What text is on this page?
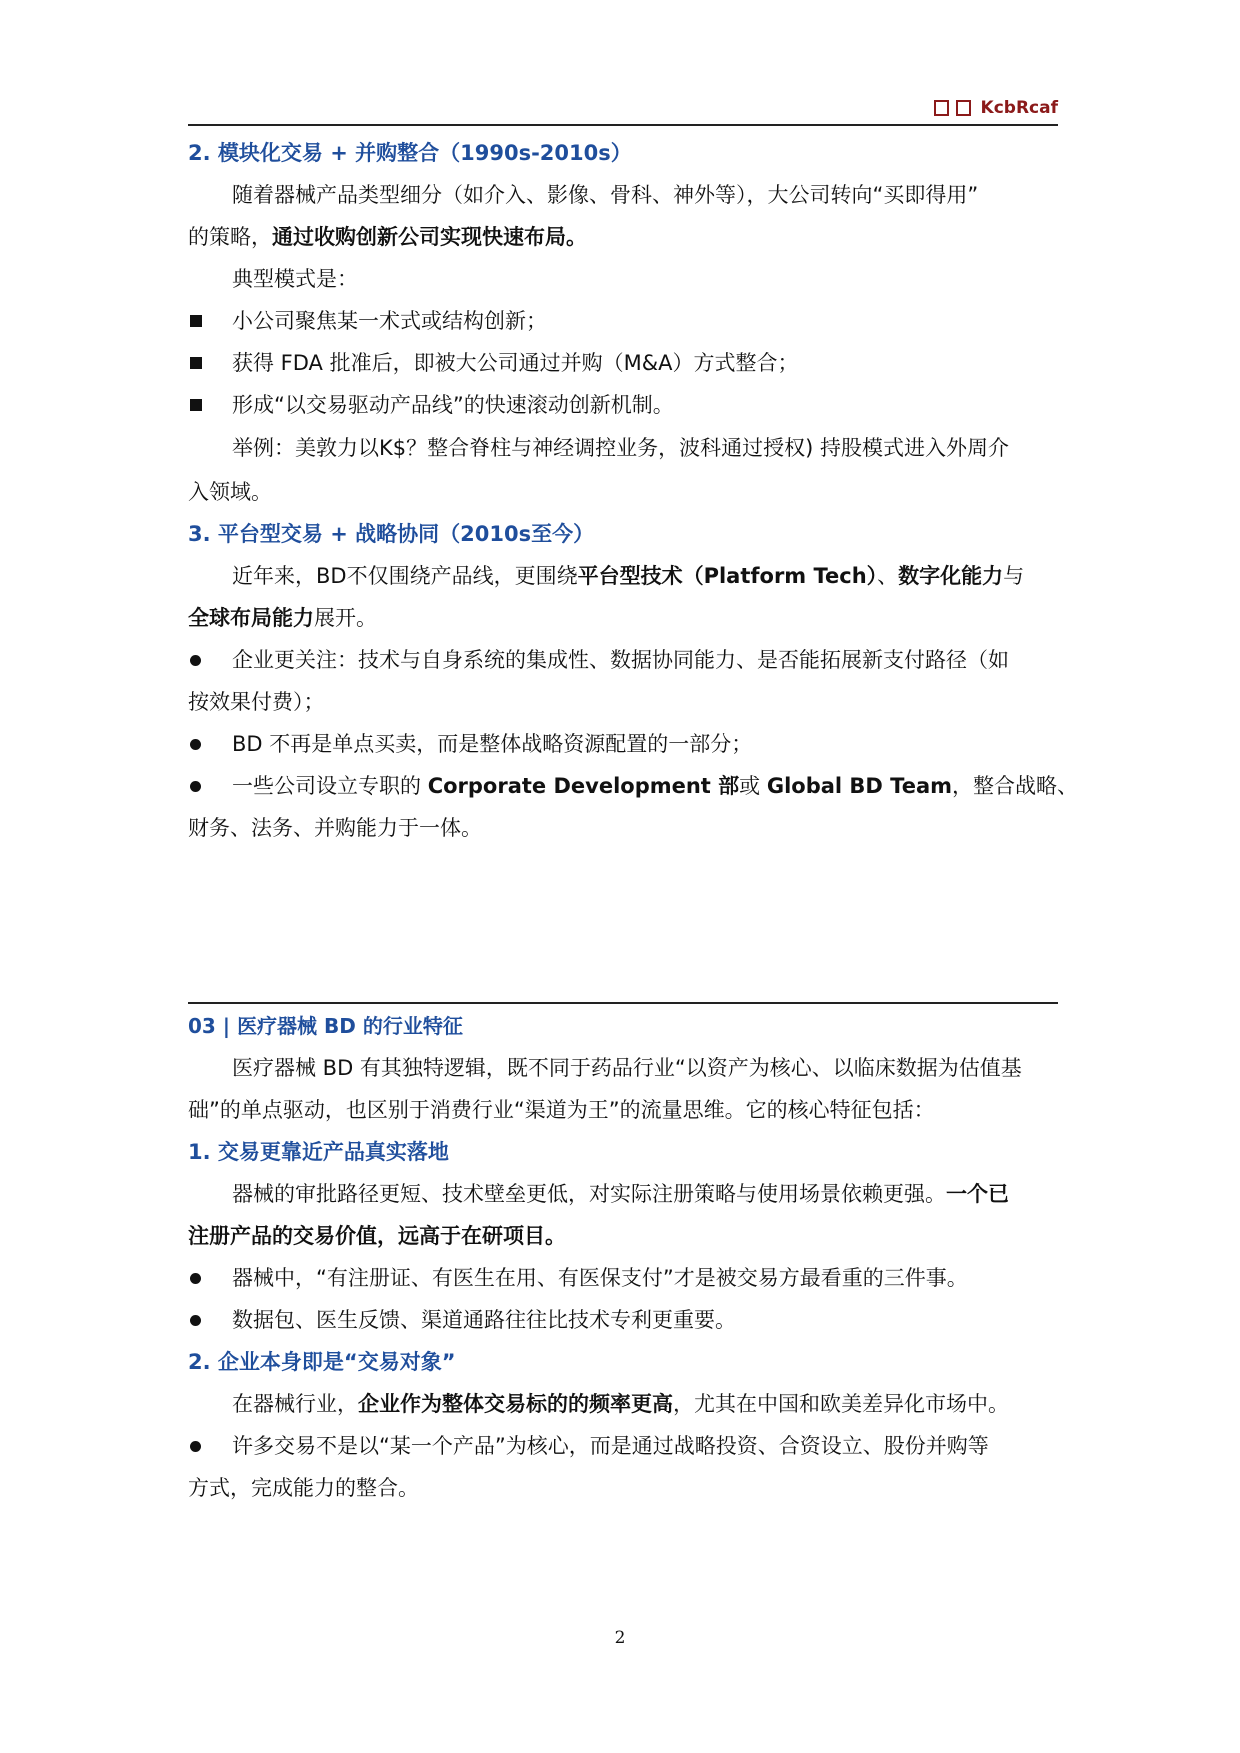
KcbRcaf
2. 模块化交易 + 并购整合（1990s-2010s）
随着器械产品类型细分（如介入、影像、骨科、神外等），大公司转向“买即得用”
的策略，通过收购创新公司实现快速布局。
典型模式是：
小公司聚焦某一术式或结构创新；
获得 FDA 批准后，即被大公司通过并购（M&A）方式整合；
形成“以交易驱动产品线”的快速滚动创新机制。
举例：美敦力以K$？整合脊柱与神经调控业务，波科通过授权) 持股模式进入外周介
入领域。
3. 平台型交易 + 战略协同（2010s至今）
近年来，BD不仅围绕产品线，更围绕平台型技术（Platform Tech）、数字化能力与
全球布局能力展开。
企业更关注：技术与自身系统的集成性、数据协同能力、是否能拓展新支付路径（如
按效果付费）；
BD 不再是单点买卖，而是整体战略资源配置的一部分；
一些公司设立专职的 Corporate Development 部或 Global BD Team，整合战略、
财务、法务、并购能力于一体。
03 | 医疗器械 BD 的行业特征
医疗器械 BD 有其独特逻辑，既不同于药品行业“以资产为核心、以临床数据为估值基
础”的单点驱动，也区别于消费行业“渠道为王”的流量思维。它的核心特征包括：
1. 交易更靠近产品真实落地
器械的审批路径更短、技术壁垒更低，对实际注册策略与使用场景依赖更强。一个已
注册产品的交易价值，远高于在研项目。
器械中，“有注册证、有医生在用、有医保支付”才是被交易方最看重的三件事。
数据包、医生反馈、渠道通路往往比技术专利更重要。
2. 企业本身即是“交易对象”
在器械行业，企业作为整体交易标的的频率更高，尤其在中国和欧美差异化市场中。
许多交易不是以“某一个产品”为核心，而是通过战略投资、合资设立、股份并购等
方式，完成能力的整合。
2
